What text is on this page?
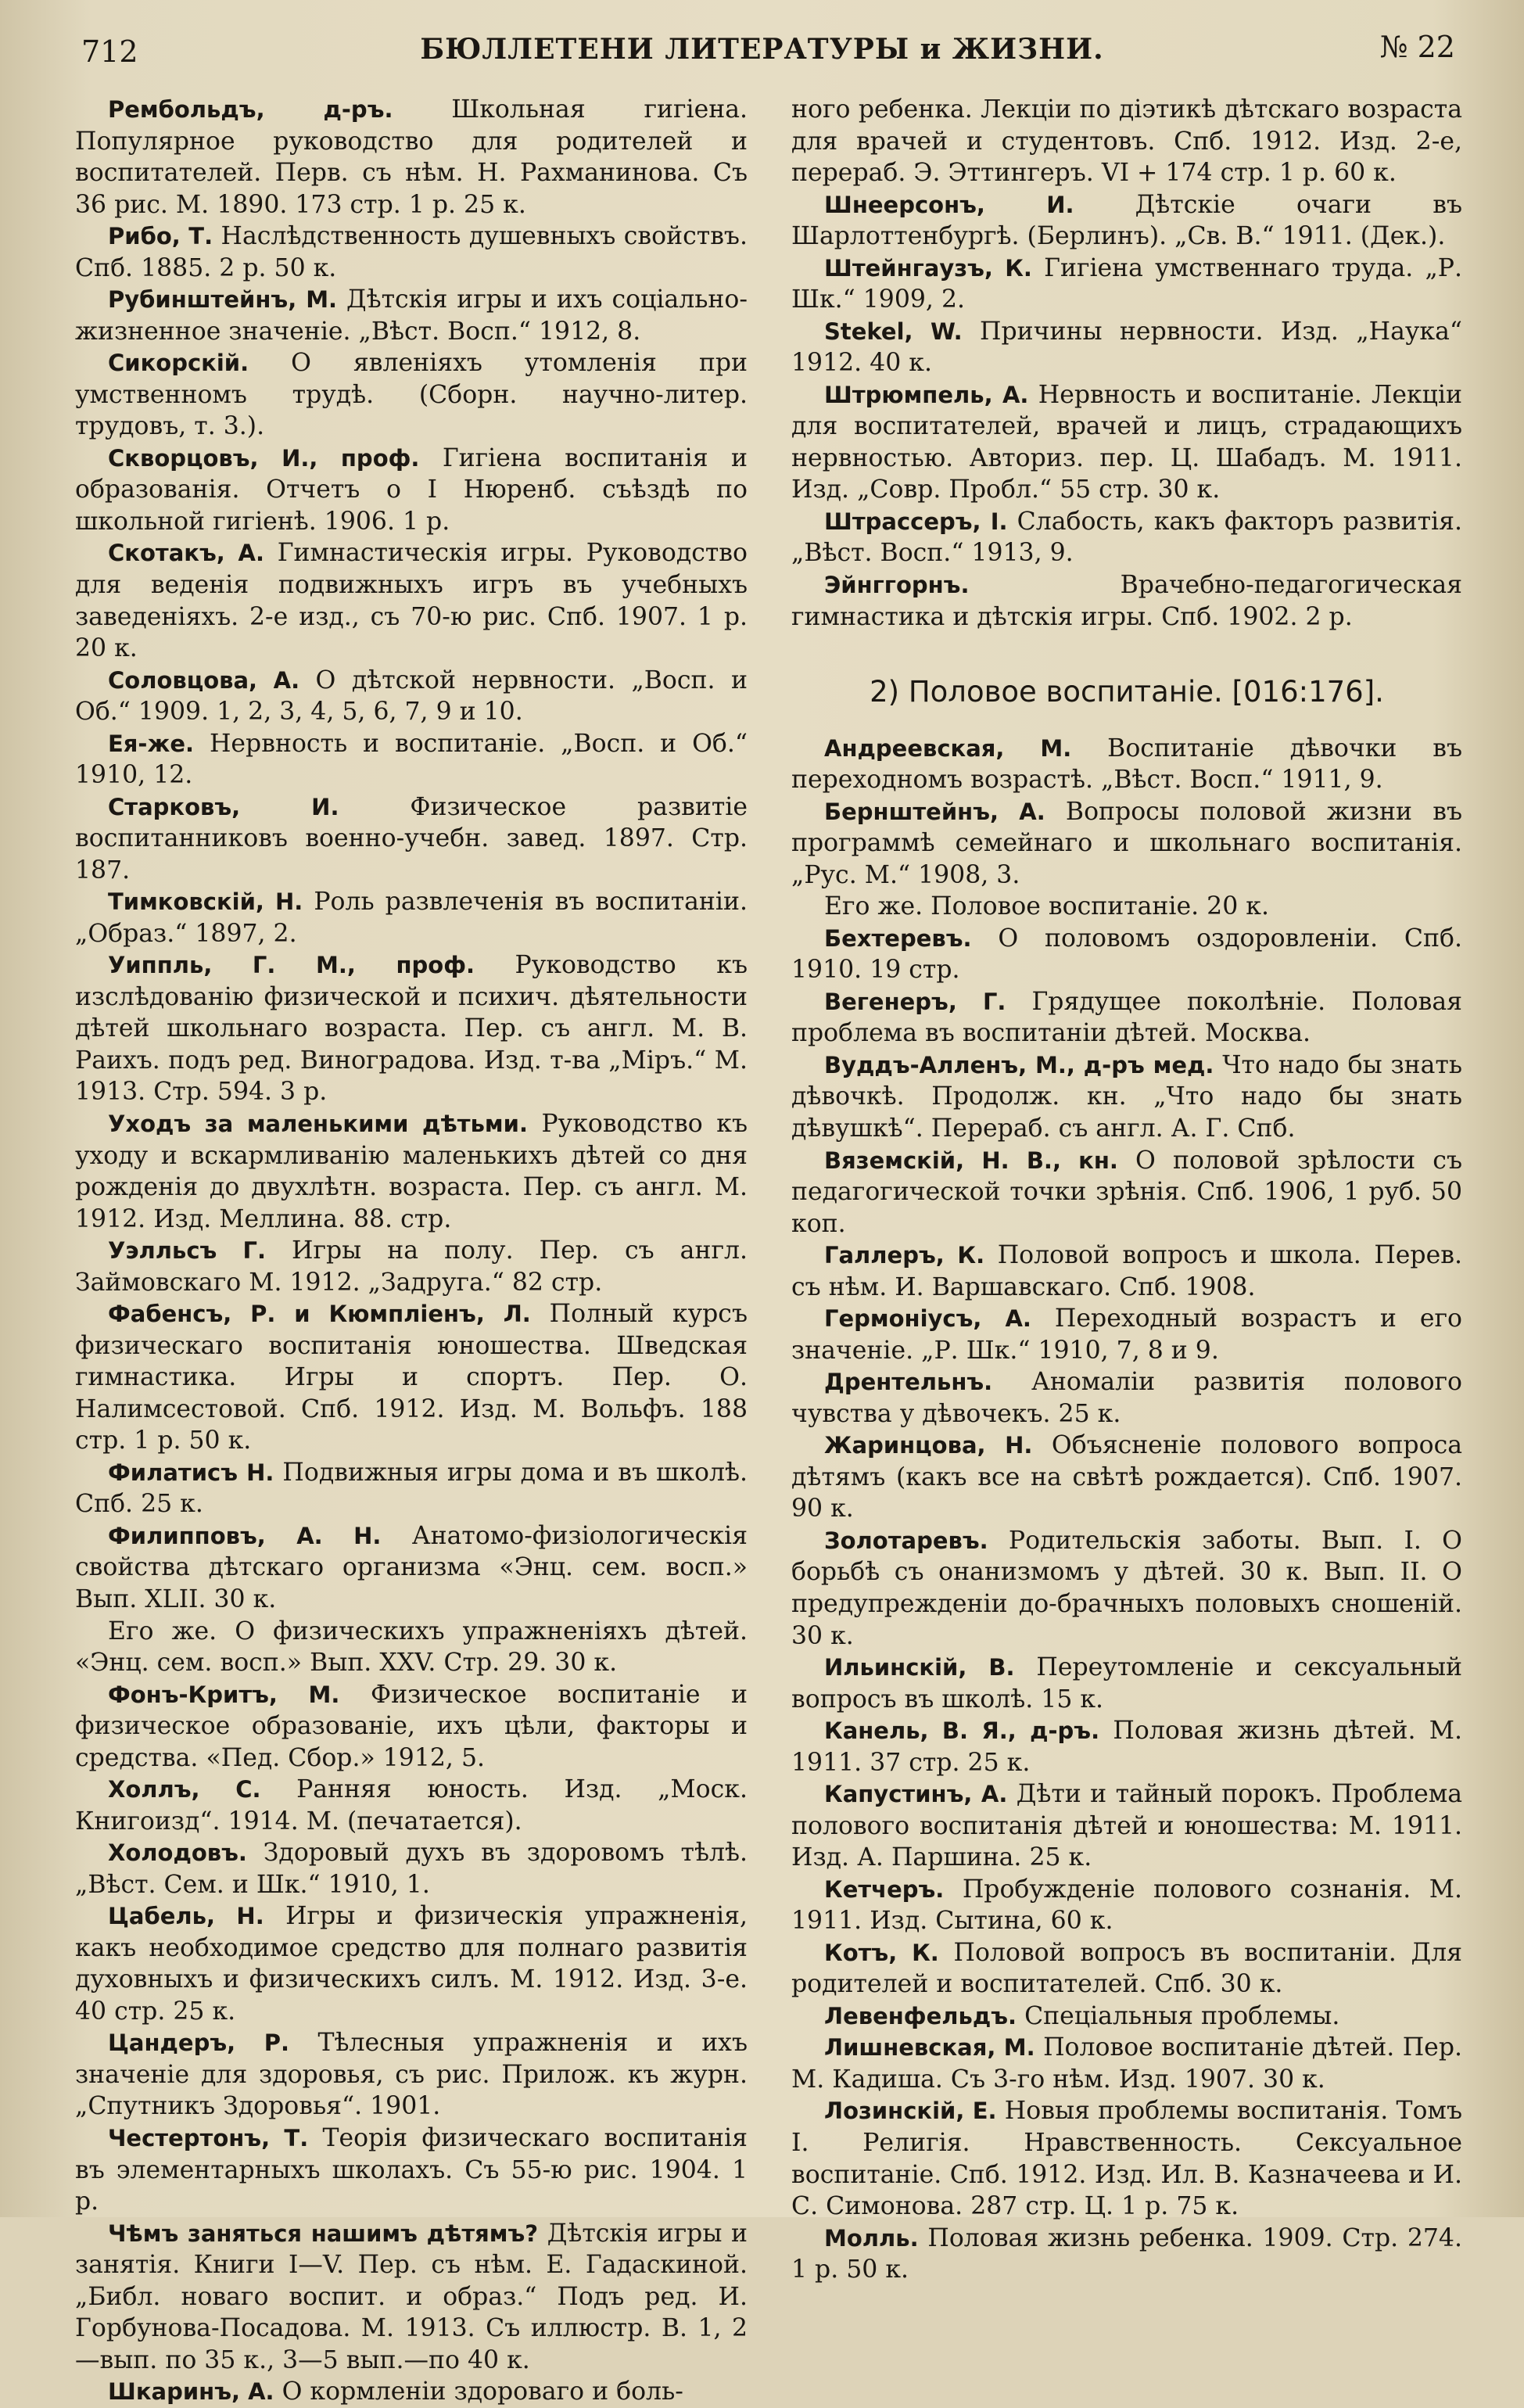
712	БЮЛЛЕТЕНИ ЛИТЕРАТУРЫ и ЖИЗНИ.	№ 22

Рембольдъ, д-ръ. Школьная гигіена. Популярное руководство для родителей и воспитателей. Перв. съ нѣм. Н. Рахманинова. Съ 36 рис. М. 1890. 173 стр. 1 р. 25 к.

Рибо, Т. Наслѣдственность душевныхъ свойствъ. Спб. 1885. 2 р. 50 к.

Рубинштейнъ, М. Дѣтскія игры и ихъ соціально-жизненное значеніе. „Вѣст. Восп.“ 1912, 8.

Сикорскій. О явленіяхъ утомленія при умственномъ трудѣ. (Сборн. научно-литер. трудовъ, т. 3.).

Скворцовъ, И., проф. Гигіена воспитанія и образованія. Отчетъ о I Нюренб. съѣздѣ по школьной гигіенѣ. 1906. 1 р.

Скотакъ, А. Гимнастическія игры. Руководство для веденія подвижныхъ игръ въ учебныхъ заведеніяхъ. 2-е изд., съ 70-ю рис. Спб. 1907. 1 р. 20 к.

Соловцова, А. О дѣтской нервности. „Восп. и Об.“ 1909. 1, 2, 3, 4, 5, 6, 7, 9 и 10.

Ея-же. Нервность и воспитаніе. „Восп. и Об.“ 1910, 12.

Старковъ, И. Физическое развитіе воспитанниковъ военно-учебн. завед. 1897. Стр. 187.

Тимковскій, Н. Роль развлеченія въ воспитаніи. „Образ.“ 1897, 2.

Уиппль, Г. М., проф. Руководство къ изслѣдованію физической и психич. дѣятельности дѣтей школьнаго возраста. Пер. съ англ. М. В. Раихъ. подъ ред. Виноградова. Изд. т-ва „Міръ.“ М. 1913. Стр. 594. 3 р.

Уходъ за маленькими дѣтьми. Руководство къ уходу и вскармливанію маленькихъ дѣтей со дня рожденія до двухлѣтн. возраста. Пер. съ англ. М. 1912. Изд. Меллина. 88. стр.

Уэлльсъ Г. Игры на полу. Пер. съ англ. Займовскаго М. 1912. „Задруга.“ 82 стр.

Фабенсъ, Р. и Кюмпліенъ, Л. Полный курсъ физическаго воспитанія юношества. Шведская гимнастика. Игры и спортъ. Пер. О. Налимсестовой. Спб. 1912. Изд. М. Вольфъ. 188 стр. 1 р. 50 к.

Филатисъ Н. Подвижныя игры дома и въ школѣ. Спб. 25 к.

Филипповъ, А. Н. Анатомо-физіологическія свойства дѣтскаго организма «Энц. сем. восп.» Вып. XLII. 30 к.

Его же. О физическихъ упражненіяхъ дѣтей. «Энц. сем. восп.» Вып. XXV. Стр. 29. 30 к.

Фонъ-Критъ, М. Физическое воспитаніе и физическое образованіе, ихъ цѣли, факторы и средства. «Пед. Сбор.» 1912, 5.

Холлъ, С. Ранняя юность. Изд. „Моск. Книгоизд“. 1914. М. (печатается).

Холодовъ. Здоровый духъ въ здоровомъ тѣлѣ. „Вѣст. Сем. и Шк.“ 1910, 1.

Цабель, Н. Игры и физическія упражненія, какъ необходимое средство для полнаго развитія духовныхъ и физическихъ силъ. М. 1912. Изд. 3-е. 40 стр. 25 к.

Цандеръ, Р. Тѣлесныя упражненія и ихъ значеніе для здоровья, съ рис. Прилож. къ журн. „Спутникъ Здоровья“. 1901.

Честертонъ, Т. Теорія физическаго воспитанія въ элементарныхъ школахъ. Съ 55-ю рис. 1904. 1 р.

Чѣмъ заняться нашимъ дѣтямъ? Дѣтскія игры и занятія. Книги I—V. Пер. съ нѣм. Е. Гадаскиной. „Библ. новаго воспит. и образ.“ Подъ ред. И. Горбунова-Посадова. М. 1913. Съ иллюстр. В. 1, 2—вып. по 35 к., 3—5 вып.—по 40 к.

Шкаринъ, А. О кормленіи здороваго и боль-

ного ребенка. Лекціи по діэтикѣ дѣтскаго возраста для врачей и студентовъ. Спб. 1912. Изд. 2-е, перераб. Э. Эттингеръ. VI + 174 стр. 1 р. 60 к.

Шнеерсонъ, И. Дѣтскіе очаги въ Шарлоттенбургѣ. (Берлинъ). „Св. В.“ 1911. (Дек.).

Штейнгаузъ, К. Гигіена умственнаго труда. „Р. Шк.“ 1909, 2.

Stekel, W. Причины нервности. Изд. „Наука“ 1912. 40 к.

Штрюмпель, А. Нервность и воспитаніе. Лекціи для воспитателей, врачей и лицъ, страдающихъ нервностью. Авториз. пер. Ц. Шабадъ. М. 1911. Изд. „Совр. Пробл.“ 55 стр. 30 к.

Штрассеръ, I. Слабость, какъ факторъ развитія. „Вѣст. Восп.“ 1913, 9.

Эйнггорнъ. Врачебно-педагогическая гимнастика и дѣтскія игры. Спб. 1902. 2 р.

2) Половое воспитаніе. [016:176].

Андреевская, М. Воспитаніе дѣвочки въ переходномъ возрастѣ. „Вѣст. Восп.“ 1911, 9.

Бернштейнъ, А. Вопросы половой жизни въ программѣ семейнаго и школьнаго воспитанія. „Рус. М.“ 1908, 3.

Его же. Половое воспитаніе. 20 к.

Бехтеревъ. О половомъ оздоровленіи. Спб. 1910. 19 стр.

Вегенеръ, Г. Грядущее поколѣніе. Половая проблема въ воспитаніи дѣтей. Москва.

Вуддъ-Алленъ, М., д-ръ мед. Что надо бы знать дѣвочкѣ. Продолж. кн. „Что надо бы знать дѣвушкѣ“. Перераб. съ англ. А. Г. Спб.

Вяземскій, Н. В., кн. О половой зрѣлости съ педагогической точки зрѣнія. Спб. 1906, 1 руб. 50 коп.

Галлеръ, К. Половой вопросъ и школа. Перев. съ нѣм. И. Варшавскаго. Спб. 1908.

Гермоніусъ, А. Переходный возрастъ и его значеніе. „Р. Шк.“ 1910, 7, 8 и 9.

Дрентельнъ. Аномаліи развитія полового чувства у дѣвочекъ. 25 к.

Жаринцова, Н. Объясненіе полового вопроса дѣтямъ (какъ все на свѣтѣ рождается). Спб. 1907. 90 к.

Золотаревъ. Родительскія заботы. Вып. I. О борьбѣ съ онанизмомъ у дѣтей. 30 к. Вып. II. О предупрежденіи до-брачныхъ половыхъ сношеній. 30 к.

Ильинскій, В. Переутомленіе и сексуальный вопросъ въ школѣ. 15 к.

Канель, В. Я., д-ръ. Половая жизнь дѣтей. М. 1911. 37 стр. 25 к.

Капустинъ, А. Дѣти и тайный порокъ. Проблема полового воспитанія дѣтей и юношества: М. 1911. Изд. А. Паршина. 25 к.

Кетчеръ. Пробужденіе полового сознанія. М. 1911. Изд. Сытина, 60 к.

Котъ, К. Половой вопросъ въ воспитаніи. Для родителей и воспитателей. Спб. 30 к.

Левенфельдъ. Спеціальныя проблемы.

Лишневская, М. Половое воспитаніе дѣтей. Пер. М. Кадиша. Съ 3-го нѣм. Изд. 1907. 30 к.

Лозинскій, Е. Новыя проблемы воспитанія. Томъ I. Религія. Нравственность. Сексуальное воспитаніе. Спб. 1912. Изд. Ил. В. Казначеева и И. С. Симонова. 287 стр. Ц. 1 р. 75 к.

Молль. Половая жизнь ребенка. 1909. Стр. 274. 1 р. 50 к.
